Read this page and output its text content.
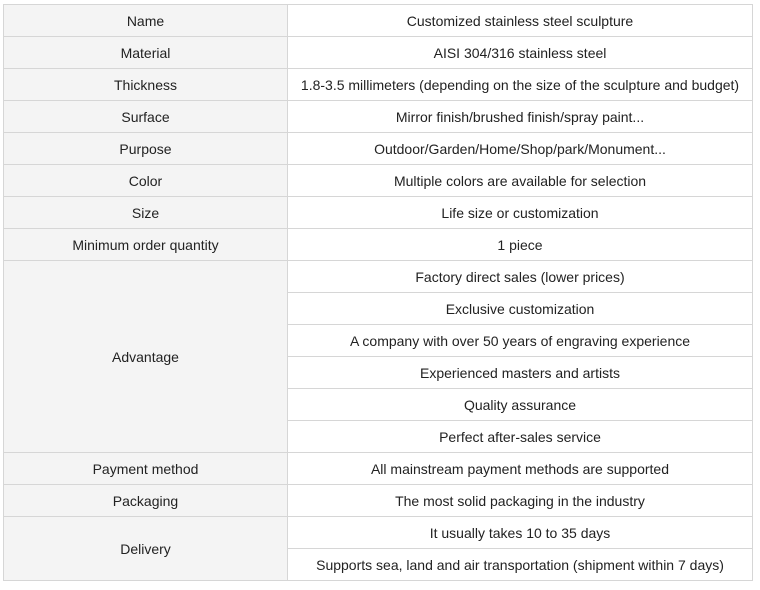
Name	Customized stainless steel sculpture
Material	AISI 304/316 stainless steel
Thickness	1.8-3.5 millimeters (depending on the size of the sculpture and budget)
Surface	Mirror finish/brushed finish/spray paint...
Purpose	Outdoor/Garden/Home/Shop/park/Monument...
Color	Multiple colors are available for selection
Size	Life size or customization
Minimum order quantity	1 piece
Advantage	Factory direct sales (lower prices)
	Exclusive customization
	A company with over 50 years of engraving experience
	Experienced masters and artists
	Quality assurance
	Perfect after-sales service
Payment method	All mainstream payment methods are supported
Packaging	The most solid packaging in the industry
Delivery	It usually takes 10 to 35 days
	Supports sea, land and air transportation (shipment within 7 days)
